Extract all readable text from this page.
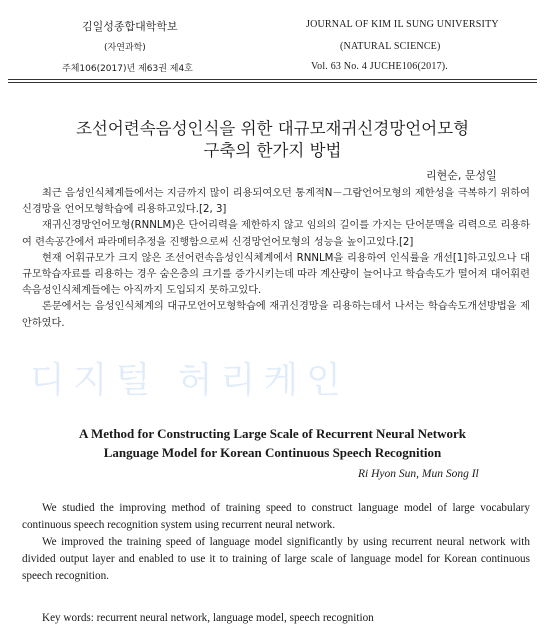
김일성종합대학학보
(자연과학)
주체106(2017)년 제63권 제4호
JOURNAL OF KIM IL SUNG UNIVERSITY
(NATURAL SCIENCE)
Vol. 63 No. 4 JUCHE106(2017).
조선어련속음성인식을 위한 대규모재귀신경망언어모형
구축의 한가지 방법
리현순, 문성일

최근 음성인식체계들에서는 지금까지 많이 리용되여오던 통계적N－그람언어모형의 제한성을 극복하기 위하여 신경망을 언어모형학습에 리용하고있다.[2, 3]

재귀신경망언어모형(RNNLM)은 단어리력을 제한하지 않고 임의의 길이를 가지는 단어문맥을 리력으로 리용하여 련속공간에서 파라메터추정을 진행함으로써 신경망언어모형의 성능을 높이고있다.[2]

현재 어휘규모가 크지 않은 조선어련속음성인식체계에서 RNNLM을 리용하여 인식률을 개선[1]하고있으나 대규모학습자료를 리용하는 경우 숨은층의 크기를 증가시키는데 따라 계산량이 늘어나고 학습속도가 떨어져 대어휘련속음성인식체계들에는 아직까지 도입되지 못하고있다.

론문에서는 음성인식체계의 대규모언어모형학습에 재귀신경망을 리용하는데서 나서는 학습속도개선방법을 제안하였다.

디지털 허리케인
A Method for Constructing Large Scale of Recurrent Neural Network
Language Model for Korean Continuous Speech Recognition
Ri Hyon Sun, Mun Song Il

We studied the improving method of training speed to construct language model of large vocabulary continuous speech recognition system using recurrent neural network.

We improved the training speed of language model significantly by using recurrent neural network with divided output layer and enabled to use it to training of large scale of language model for Korean continuous speech recognition.

Key words: recurrent neural network, language model, speech recognition
